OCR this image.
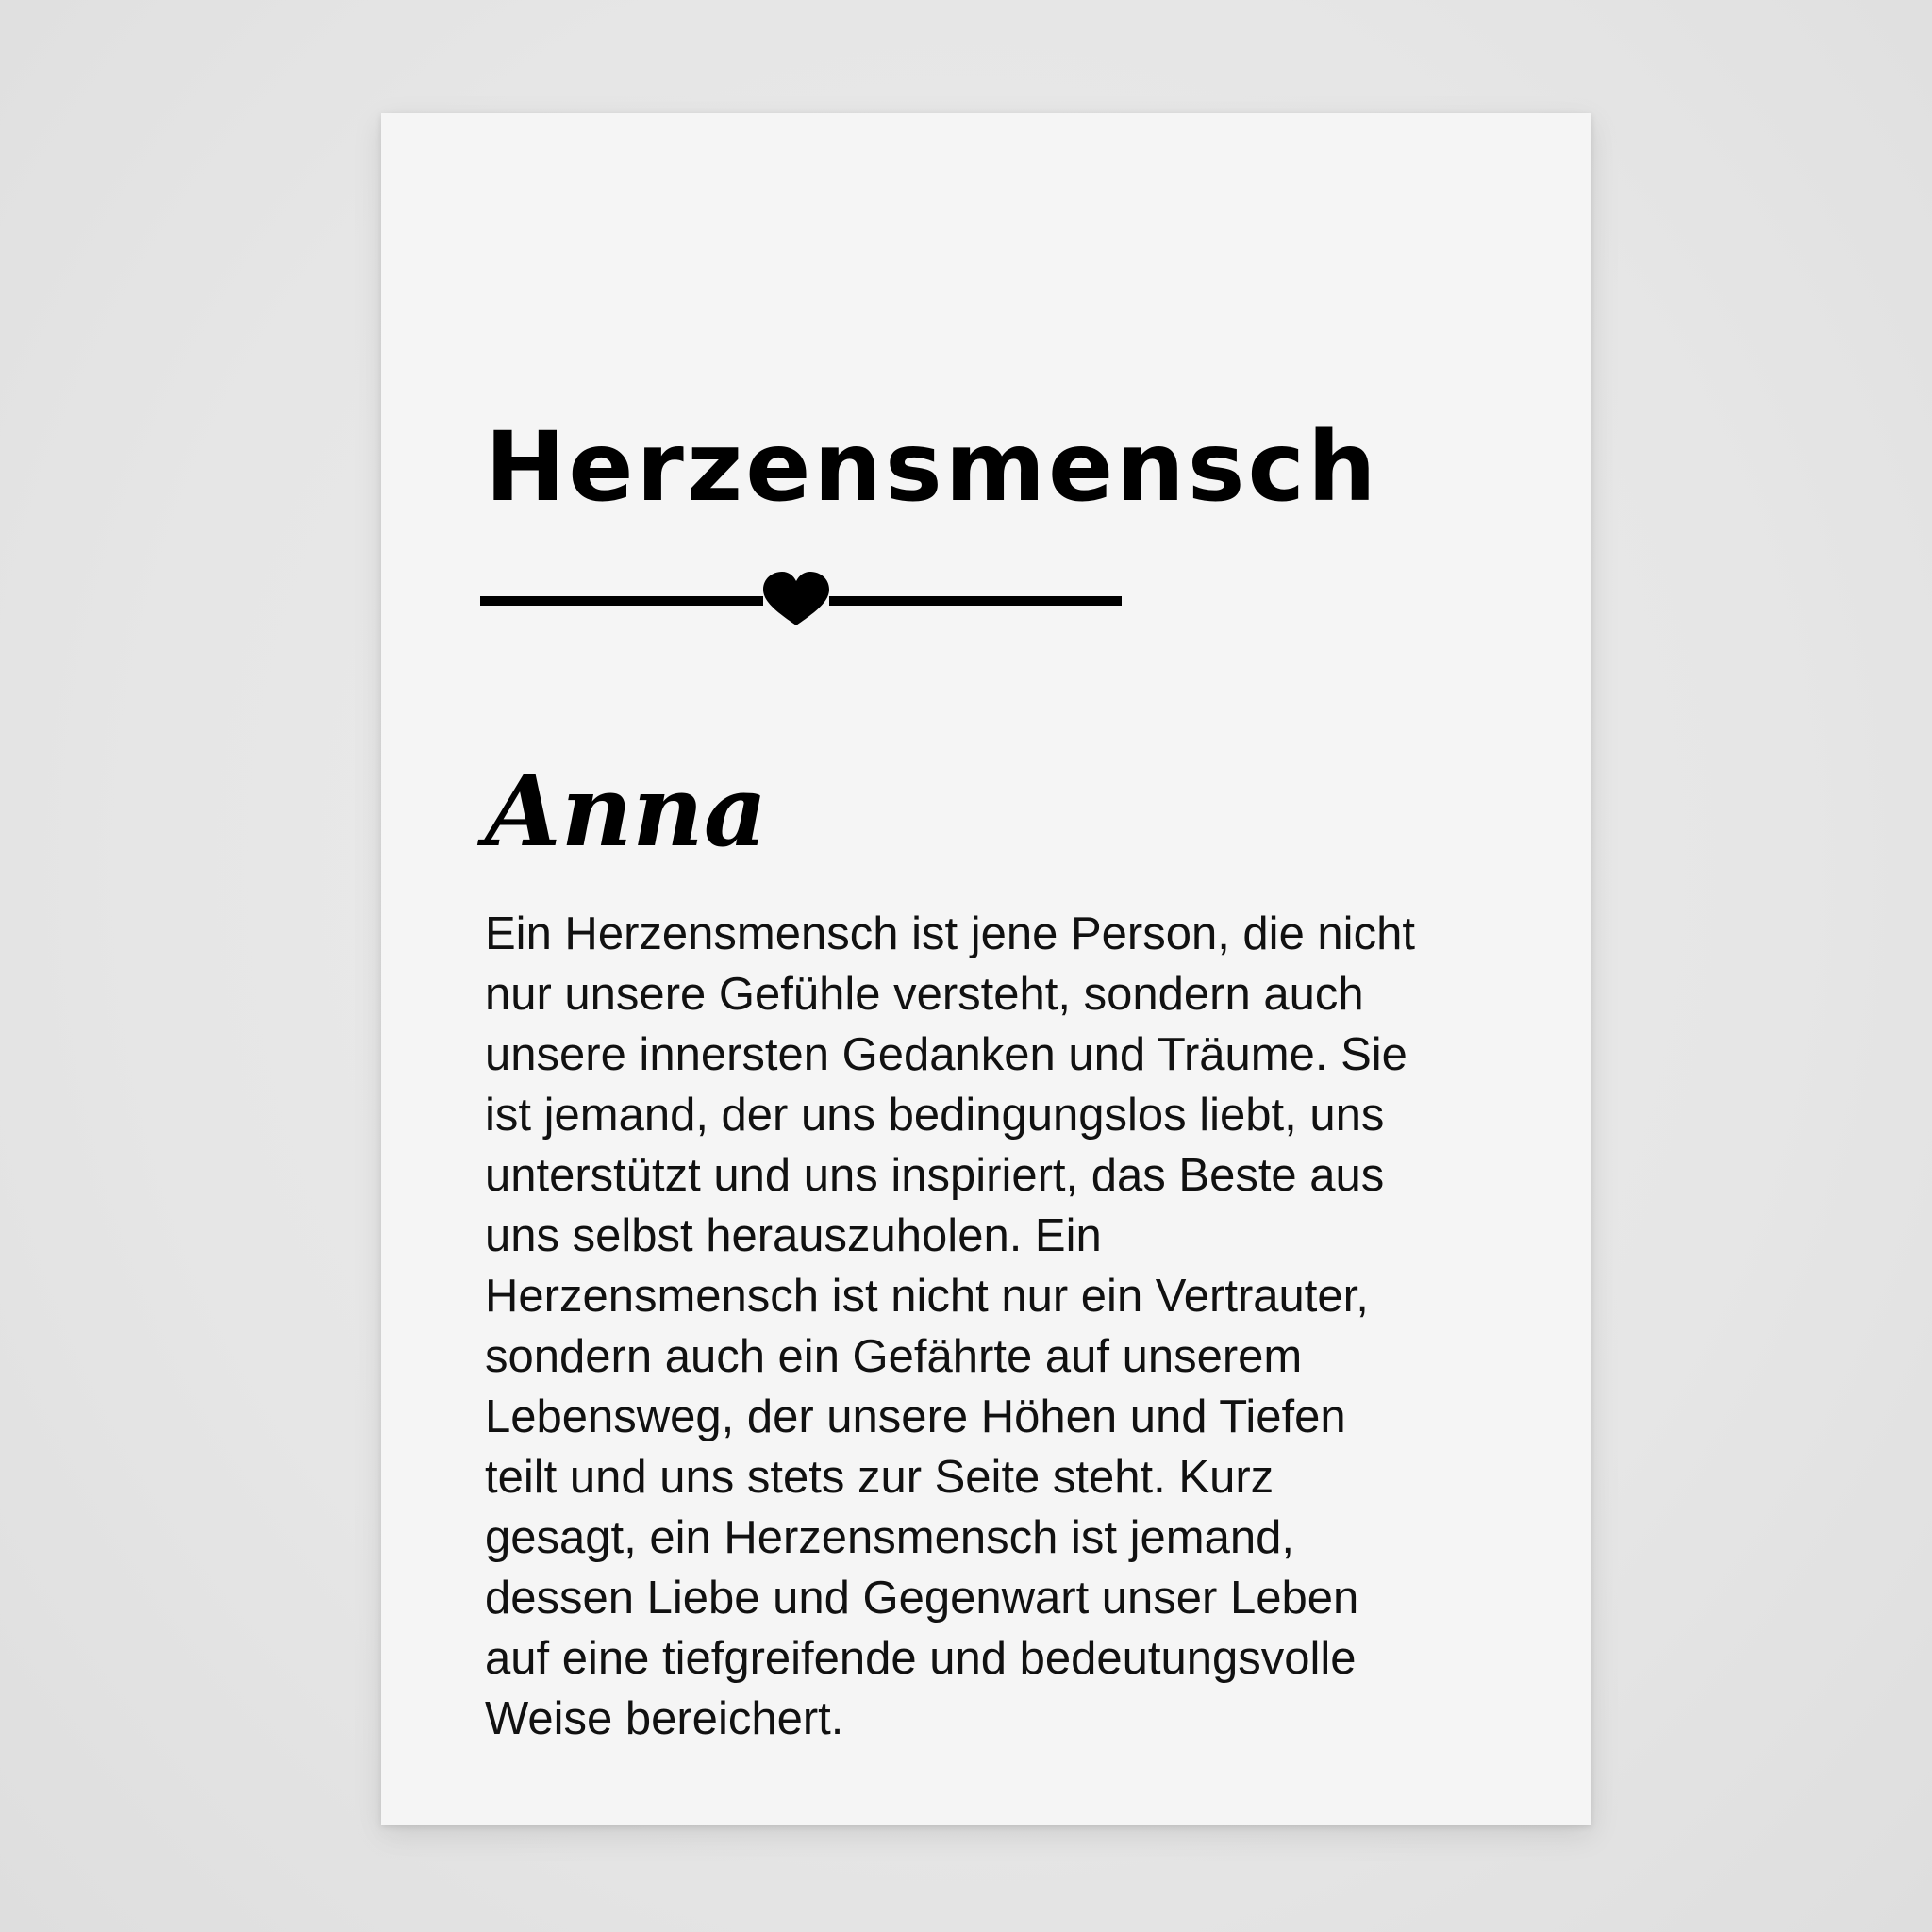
Herzensmensch
Anna
Ein Herzensmensch ist jene Person, die nicht
nur unsere Gefühle versteht, sondern auch
unsere innersten Gedanken und Träume. Sie
ist jemand, der uns bedingungslos liebt, uns
unterstützt und uns inspiriert, das Beste aus
uns selbst herauszuholen. Ein
Herzensmensch ist nicht nur ein Vertrauter,
sondern auch ein Gefährte auf unserem
Lebensweg, der unsere Höhen und Tiefen
teilt und uns stets zur Seite steht. Kurz
gesagt, ein Herzensmensch ist jemand,
dessen Liebe und Gegenwart unser Leben
auf eine tiefgreifende und bedeutungsvolle
Weise bereichert.
